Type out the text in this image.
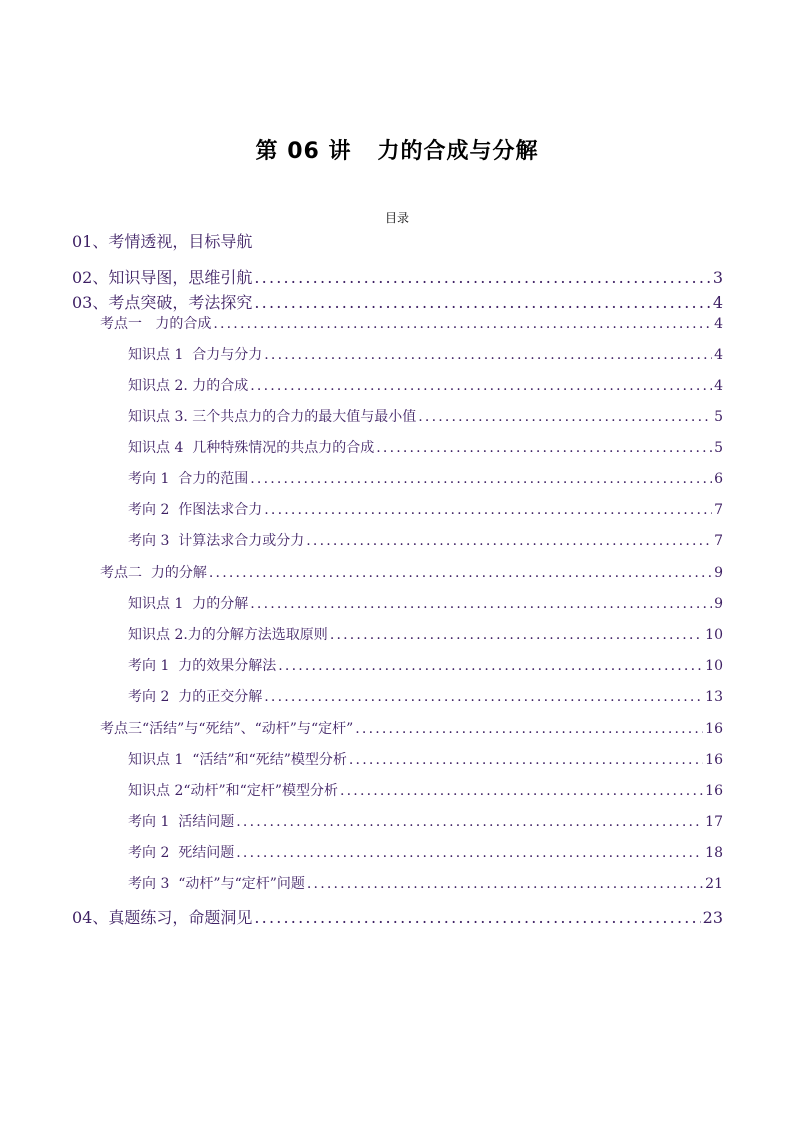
第 06 讲   力的合成与分解
目录
01、考情透视，目标导航
02、知识导图，思维引航 .....	3
03、考点突破，考法探究 .....	4
考点一   力的合成 .....	4
知识点 1  合力与分力 .....	4
知识点 2. 力的合成 .....	4
知识点 3. 三个共点力的合力的最大值与最小值 .....	5
知识点 4  几种特殊情况的共点力的合成 .....	5
考向 1  合力的范围 .....	6
考向 2  作图法求合力 .....	7
考向 3  计算法求合力或分力 .....	7
考点二  力的分解 .....	9
知识点 1  力的分解 .....	9
知识点 2.力的分解方法选取原则 .....	10
考向 1  力的效果分解法 .....	10
考向 2  力的正交分解 .....	13
考点三“活结”与“死结”、“动杆”与“定杆” .....	16
知识点 1  “活结”和“死结”模型分析 .....	16
知识点 2“动杆”和“定杆”模型分析 .....	16
考向 1  活结问题 .....	17
考向 2  死结问题 .....	18
考向 3  “动杆”与“定杆”问题 .....	21
04、真题练习，命题洞见 .....	23
